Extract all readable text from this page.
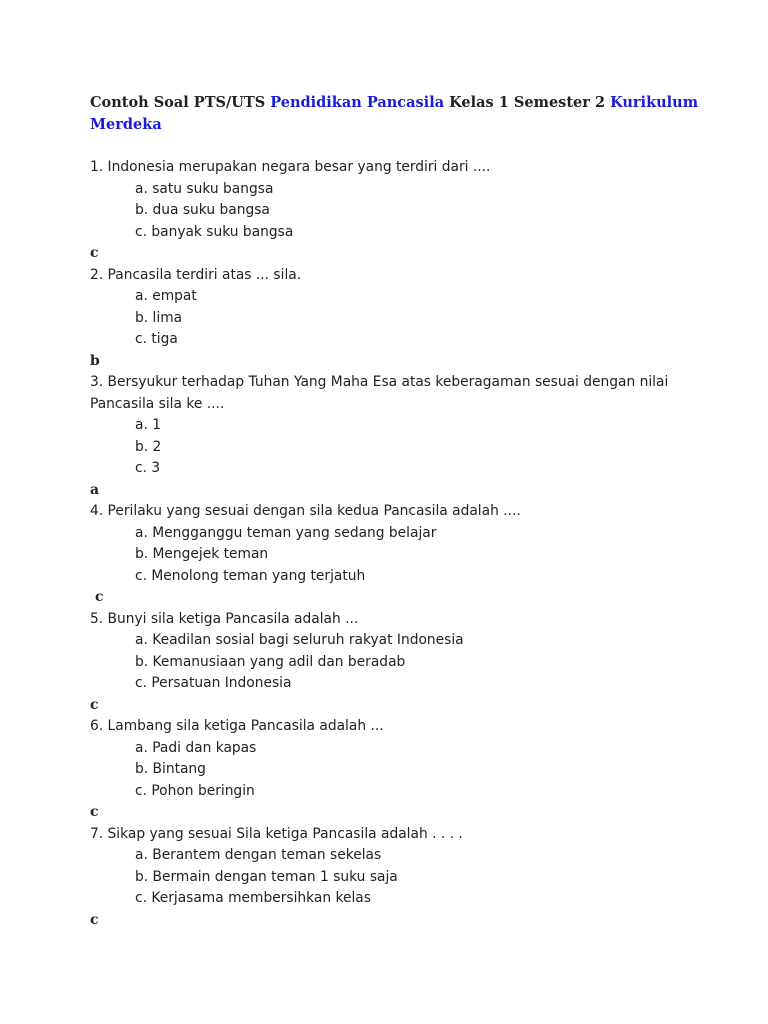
Contoh Soal PTS/UTS Pendidikan Pancasila Kelas 1 Semester 2 Kurikulum Merdeka
1. Indonesia merupakan negara besar yang terdiri dari ....
a. satu suku bangsa
b. dua suku bangsa
c. banyak suku bangsa
c
2. Pancasila terdiri atas ... sila.
a. empat
b. lima
c. tiga
b
3. Bersyukur terhadap Tuhan Yang Maha Esa atas keberagaman sesuai dengan nilai Pancasila sila ke ....
a. 1
b. 2
c. 3
a
4. Perilaku yang sesuai dengan sila kedua Pancasila adalah ....
a. Mengganggu teman yang sedang belajar
b. Mengejek teman
c. Menolong teman yang terjatuh
c
5. Bunyi sila ketiga Pancasila adalah ...
a. Keadilan sosial bagi seluruh rakyat Indonesia
b. Kemanusiaan yang adil dan beradab
c. Persatuan Indonesia
c
6. Lambang sila ketiga Pancasila adalah ...
a. Padi dan kapas
b. Bintang
c. Pohon beringin
c
7. Sikap yang sesuai Sila ketiga Pancasila adalah . . . .
a. Berantem dengan teman sekelas
b. Bermain dengan teman 1 suku saja
c. Kerjasama membersihkan kelas
c
